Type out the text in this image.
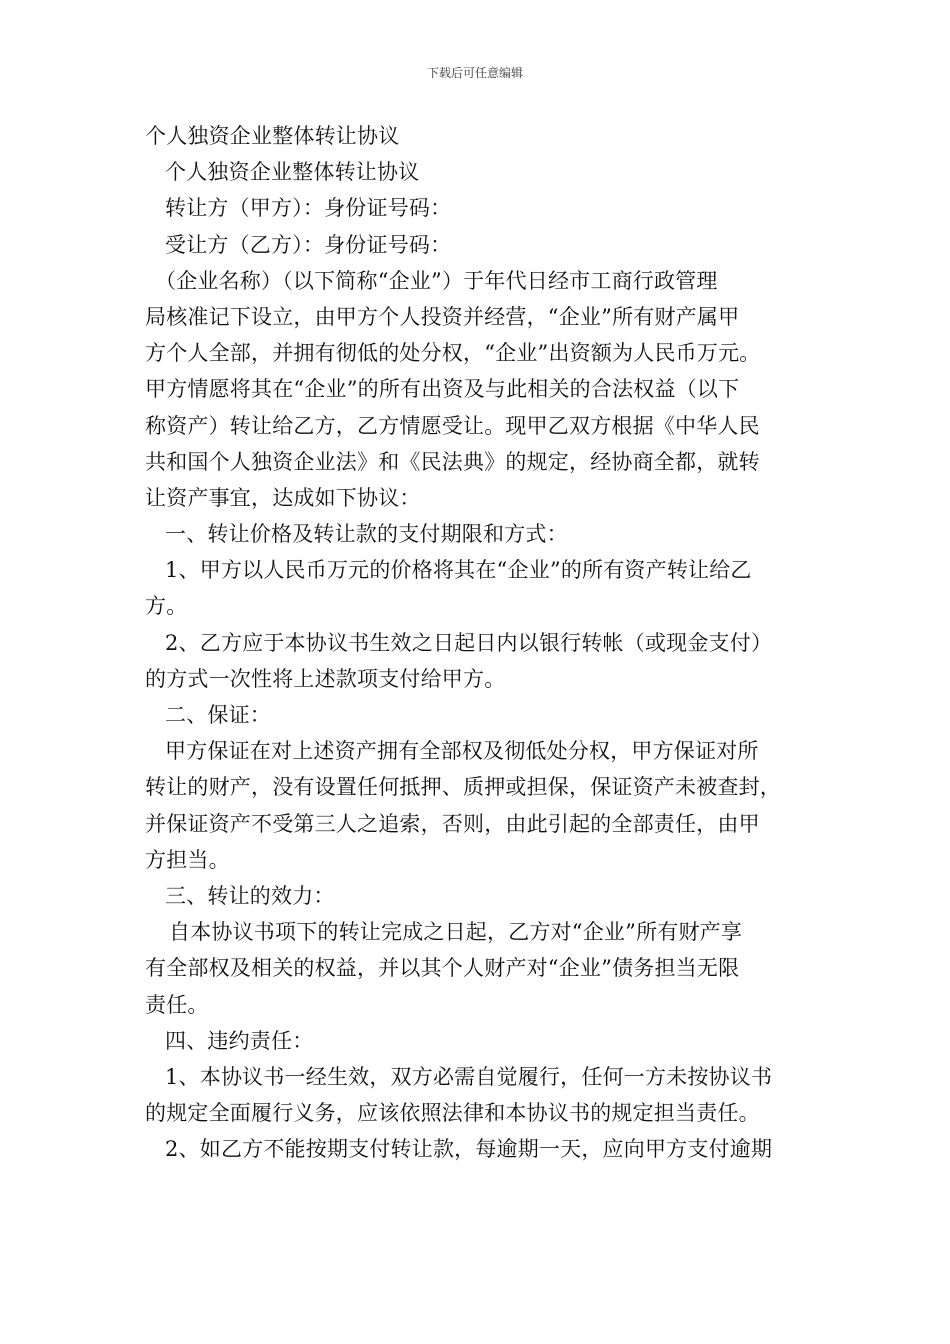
下载后可任意编辑

个人独资企业整体转让协议

个人独资企业整体转让协议

转让方（甲方）：身份证号码：

受让方（乙方）：身份证号码：

（企业名称）（以下简称“企业”）于年代日经市工商行政管理

局核准记下设立，由甲方个人投资并经营，“企业”所有财产属甲

方个人全部，并拥有彻低的处分权，“企业”出资额为人民币万元。

甲方情愿将其在“企业”的所有出资及与此相关的合法权益（以下

称资产）转让给乙方，乙方情愿受让。现甲乙双方根据《中华人民

共和国个人独资企业法》和《民法典》的规定，经协商全都，就转

让资产事宜，达成如下协议：

一、转让价格及转让款的支付期限和方式：

1、甲方以人民币万元的价格将其在“企业”的所有资产转让给乙

方。

2、乙方应于本协议书生效之日起日内以银行转帐（或现金支付）

的方式一次性将上述款项支付给甲方。

二、保证：

甲方保证在对上述资产拥有全部权及彻低处分权，甲方保证对所

转让的财产，没有设置任何抵押、质押或担保，保证资产未被查封，

并保证资产不受第三人之追索，否则，由此引起的全部责任，由甲

方担当。

三、转让的效力：

自本协议书项下的转让完成之日起，乙方对“企业”所有财产享

有全部权及相关的权益，并以其个人财产对“企业”债务担当无限

责任。

四、违约责任：

1、本协议书一经生效，双方必需自觉履行，任何一方未按协议书

的规定全面履行义务，应该依照法律和本协议书的规定担当责任。

2、如乙方不能按期支付转让款，每逾期一天，应向甲方支付逾期
